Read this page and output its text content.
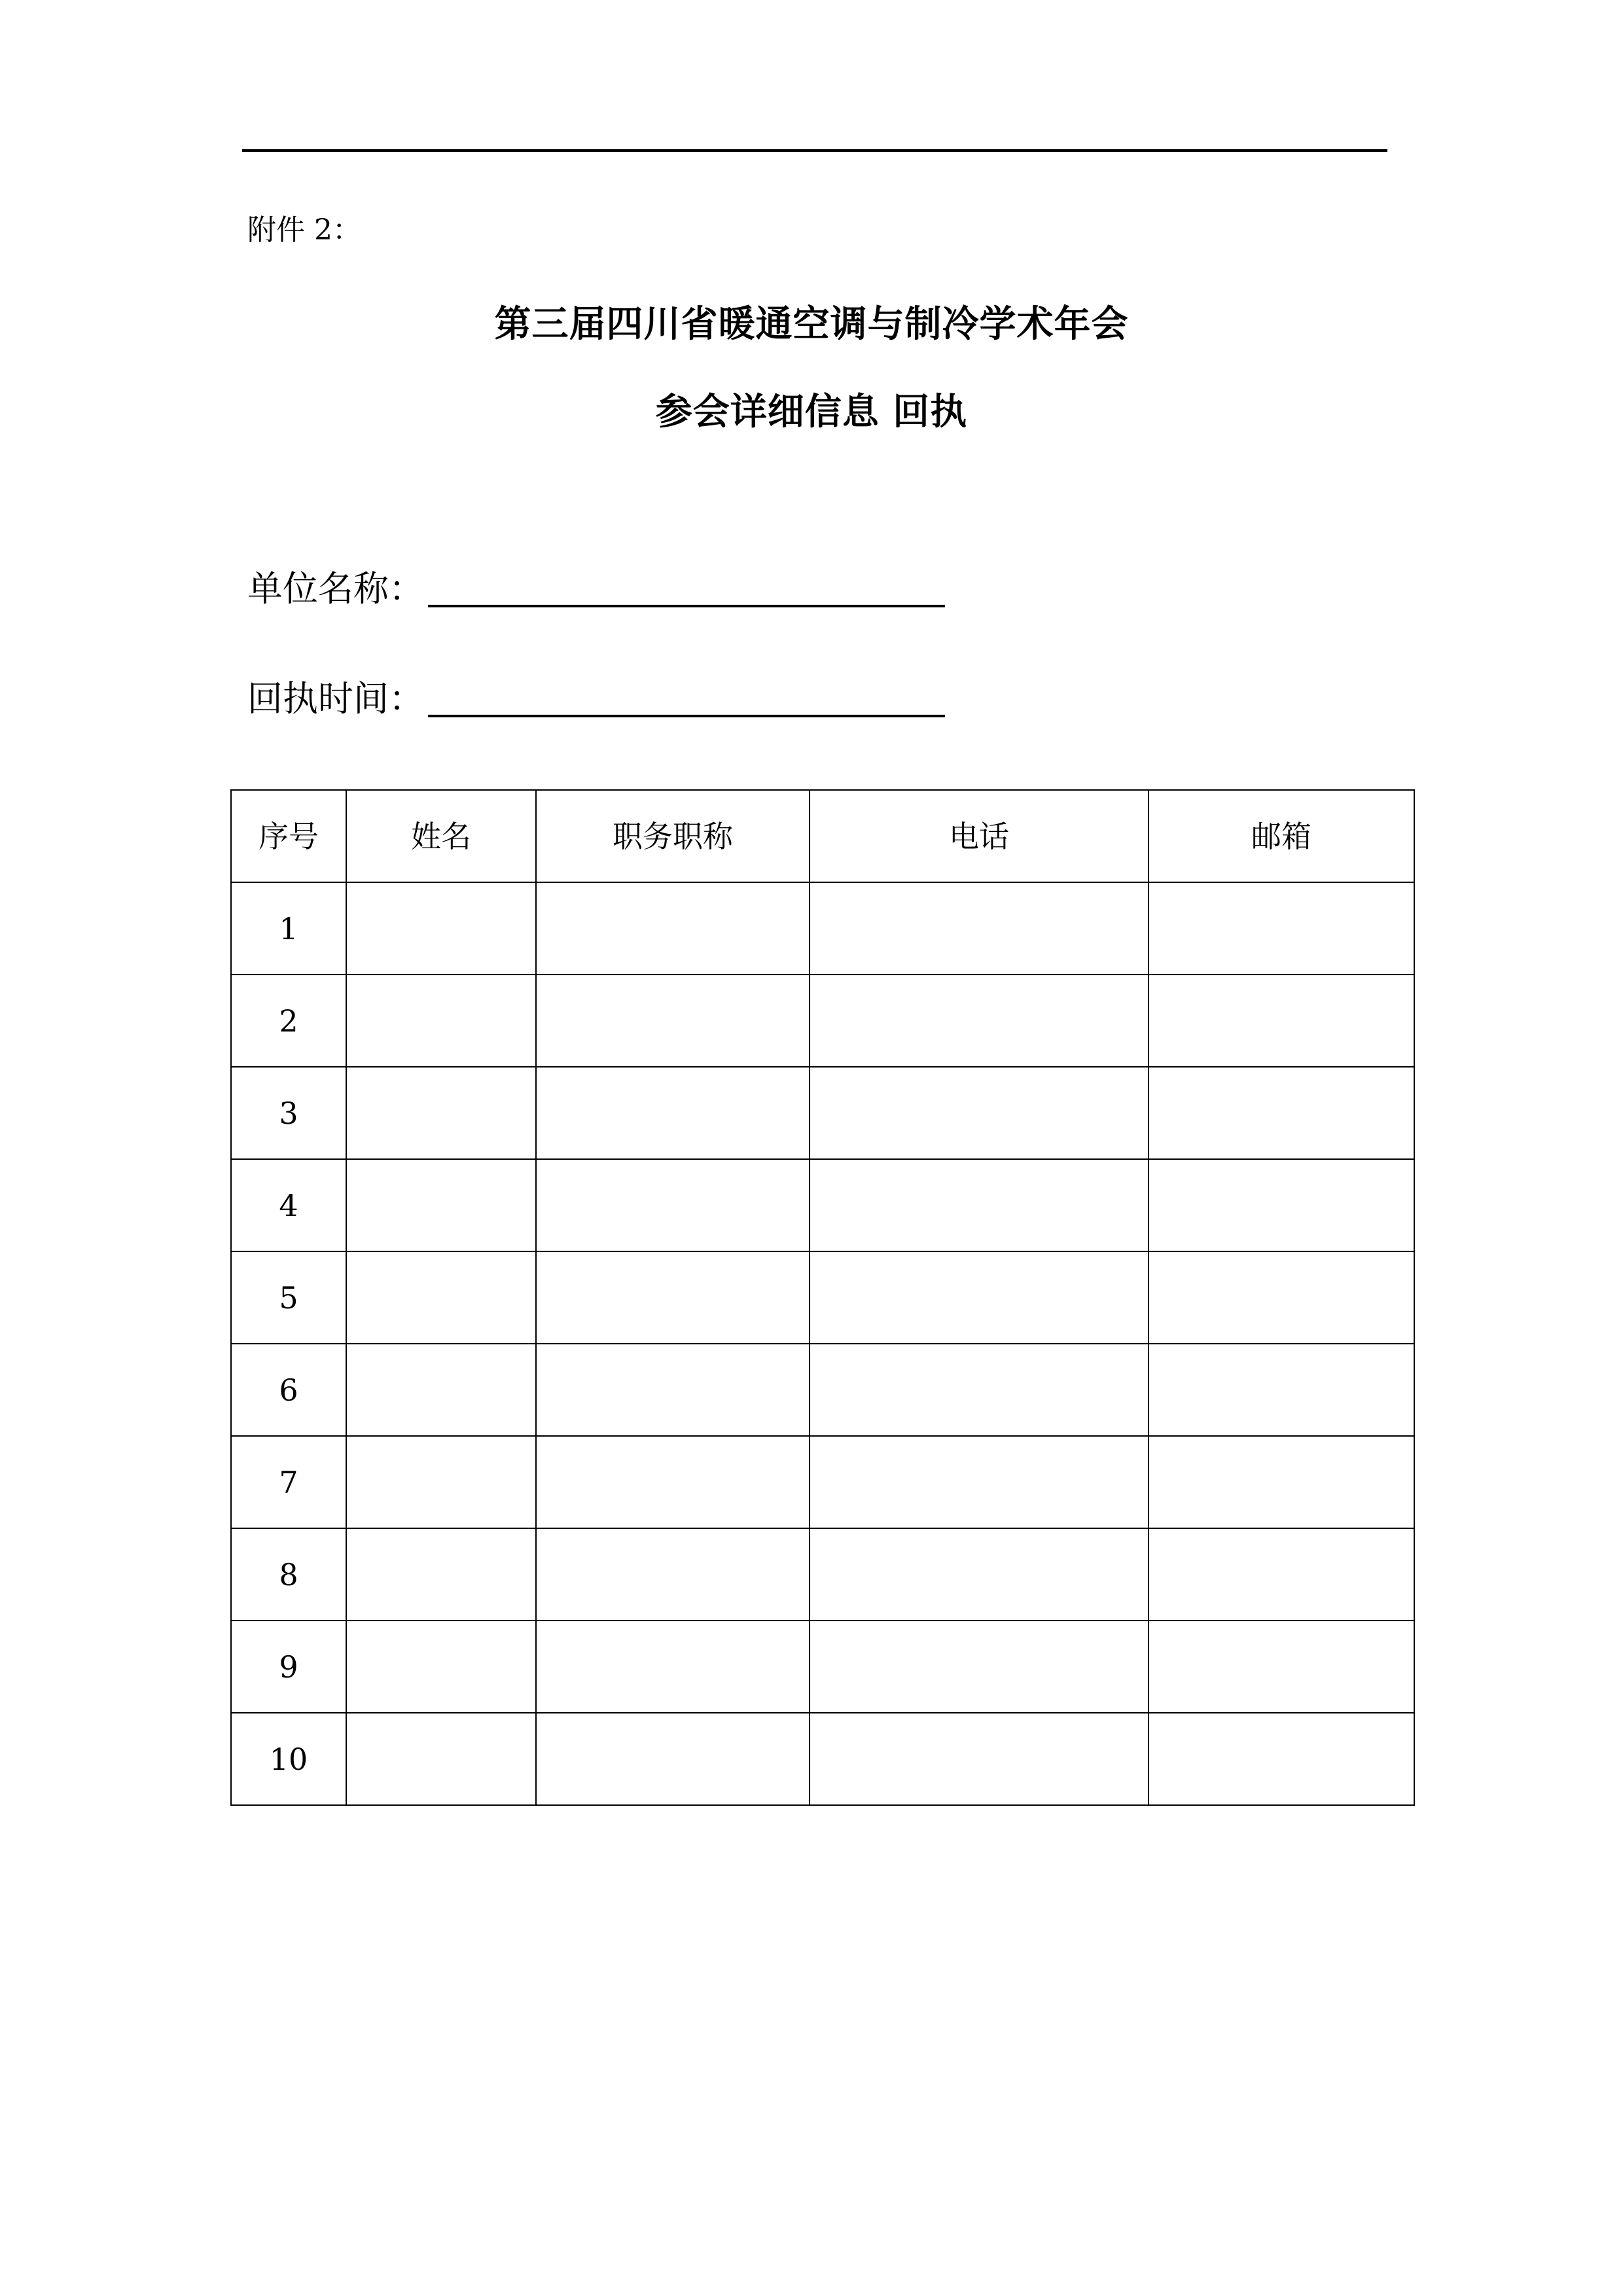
附件 2：
第三届四川省暖通空调与制冷学术年会
参会详细信息 回执
单位名称：
回执时间：
序号	姓名	职务职称	电话	邮箱
1				
2				
3				
4				
5				
6				
7				
8				
9				
10				
